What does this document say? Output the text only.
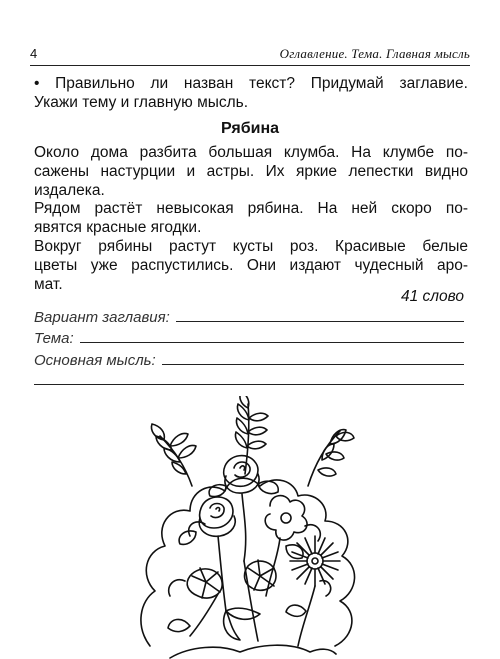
4	Оглавление. Тема. Главная мысль
• Правильно ли назван текст? Придумай заглавие.
Укажи тему и главную мысль.
Рябина
Около дома разбита большая клумба. На клумбе по-
сажены настурции и астры. Их яркие лепестки видно
издалека.
Рядом растёт невысокая рябина. На ней скоро по-
явятся красные ягодки.
Вокруг рябины растут кусты роз. Красивые белые
цветы уже распустились. Они издают чудесный аро-
мат.
41 слово
Вариант заглавия:
Тема:
Основная мысль:
